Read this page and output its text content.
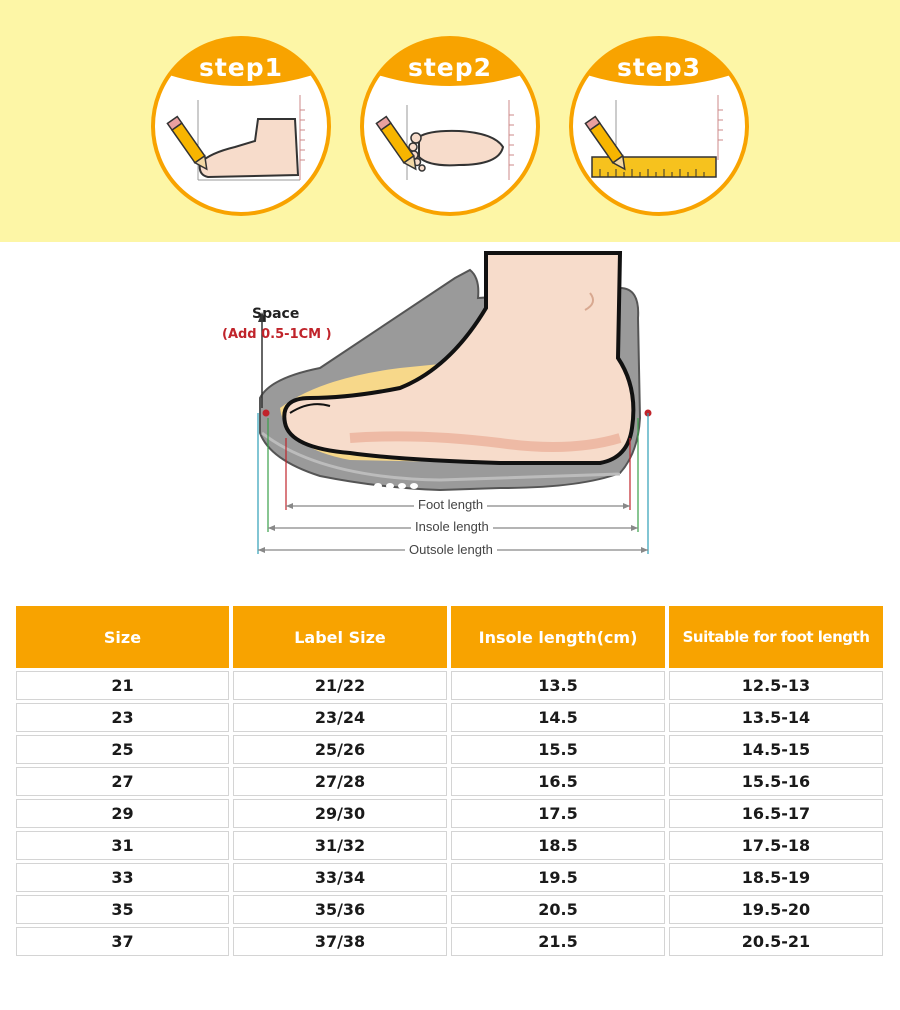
step1	step2	step3
Space
(Add 0.5-1CM )
Foot length
Insole length
Outsole length
Size	Label Size	Insole length(cm)	Suitable for foot length
21	21/22	13.5	12.5-13
23	23/24	14.5	13.5-14
25	25/26	15.5	14.5-15
27	27/28	16.5	15.5-16
29	29/30	17.5	16.5-17
31	31/32	18.5	17.5-18
33	33/34	19.5	18.5-19
35	35/36	20.5	19.5-20
37	37/38	21.5	20.5-21
